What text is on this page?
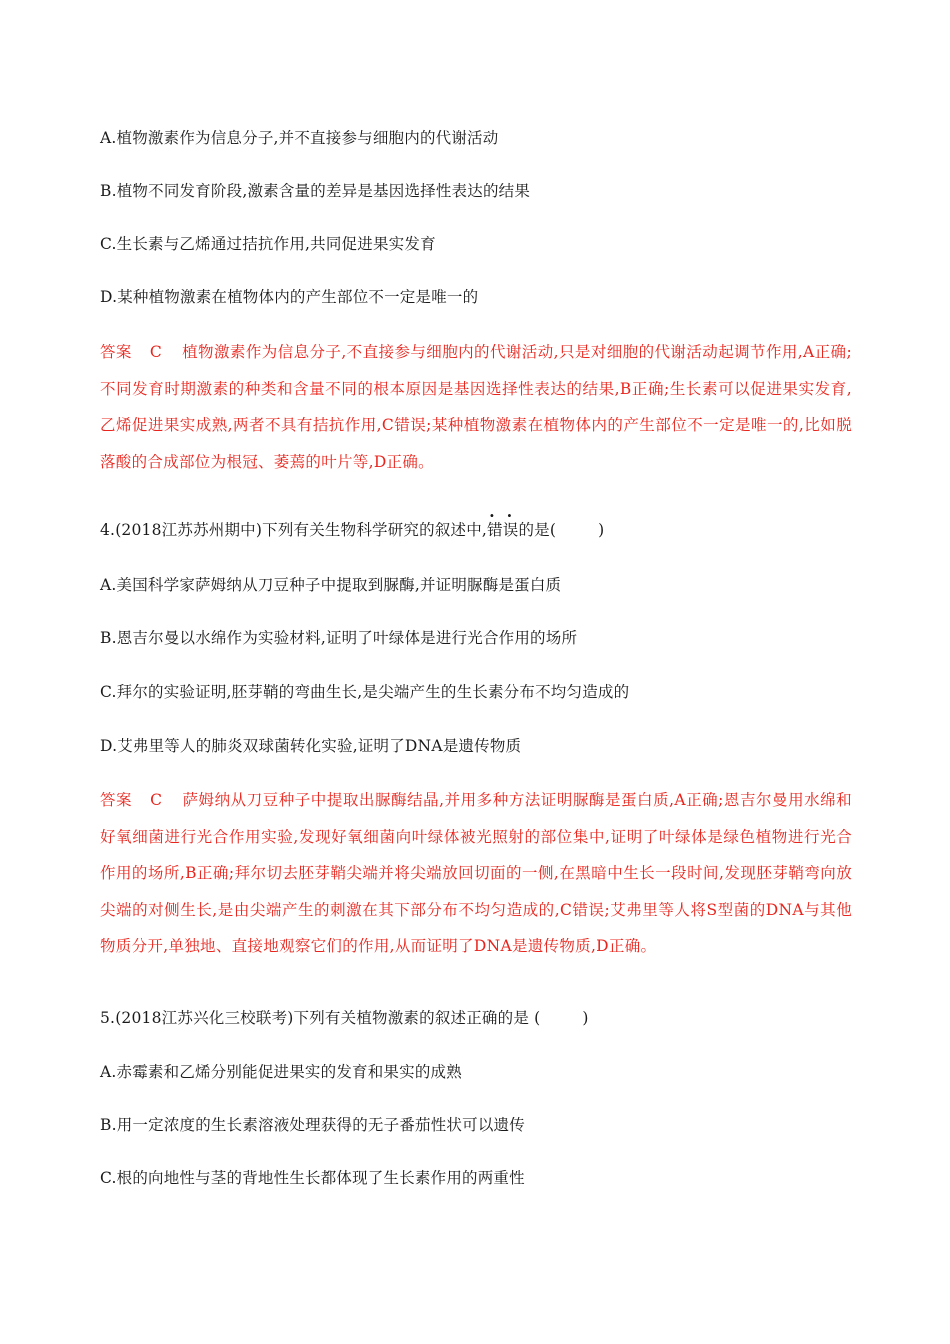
A.植物激素作为信息分子,并不直接参与细胞内的代谢活动
B.植物不同发育阶段,激素含量的差异是基因选择性表达的结果
C.生长素与乙烯通过拮抗作用,共同促进果实发育
D.某种植物激素在植物体内的产生部位不一定是唯一的
答案 C 植物激素作为信息分子,不直接参与细胞内的代谢活动,只是对细胞的代谢活动起调节作用,A正确;不同发育时期激素的种类和含量不同的根本原因是基因选择性表达的结果,B正确;生长素可以促进果实发育,乙烯促进果实成熟,两者不具有拮抗作用,C错误;某种植物激素在植物体内的产生部位不一定是唯一的,比如脱落酸的合成部位为根冠、萎蔫的叶片等,D正确。
4.(2018江苏苏州期中)下列有关生物科学研究的叙述中,· · 错误的是(	)
A.美国科学家萨姆纳从刀豆种子中提取到脲酶,并证明脲酶是蛋白质
B.恩吉尔曼以水绵作为实验材料,证明了叶绿体是进行光合作用的场所
C.拜尔的实验证明,胚芽鞘的弯曲生长,是尖端产生的生长素分布不均匀造成的
D.艾弗里等人的肺炎双球菌转化实验,证明了DNA是遗传物质
答案 C 萨姆纳从刀豆种子中提取出脲酶结晶,并用多种方法证明脲酶是蛋白质,A正确;恩吉尔曼用水绵和好氧细菌进行光合作用实验,发现好氧细菌向叶绿体被光照射的部位集中,证明了叶绿体是绿色植物进行光合作用的场所,B正确;拜尔切去胚芽鞘尖端并将尖端放回切面的一侧,在黑暗中生长一段时间,发现胚芽鞘弯向放尖端的对侧生长,是由尖端产生的刺激在其下部分布不均匀造成的,C错误;艾弗里等人将S型菌的DNA与其他物质分开,单独地、直接地观察它们的作用,从而证明了DNA是遗传物质,D正确。
5.(2018江苏兴化三校联考)下列有关植物激素的叙述正确的是 (	)
A.赤霉素和乙烯分别能促进果实的发育和果实的成熟
B.用一定浓度的生长素溶液处理获得的无子番茄性状可以遗传
C.根的向地性与茎的背地性生长都体现了生长素作用的两重性
